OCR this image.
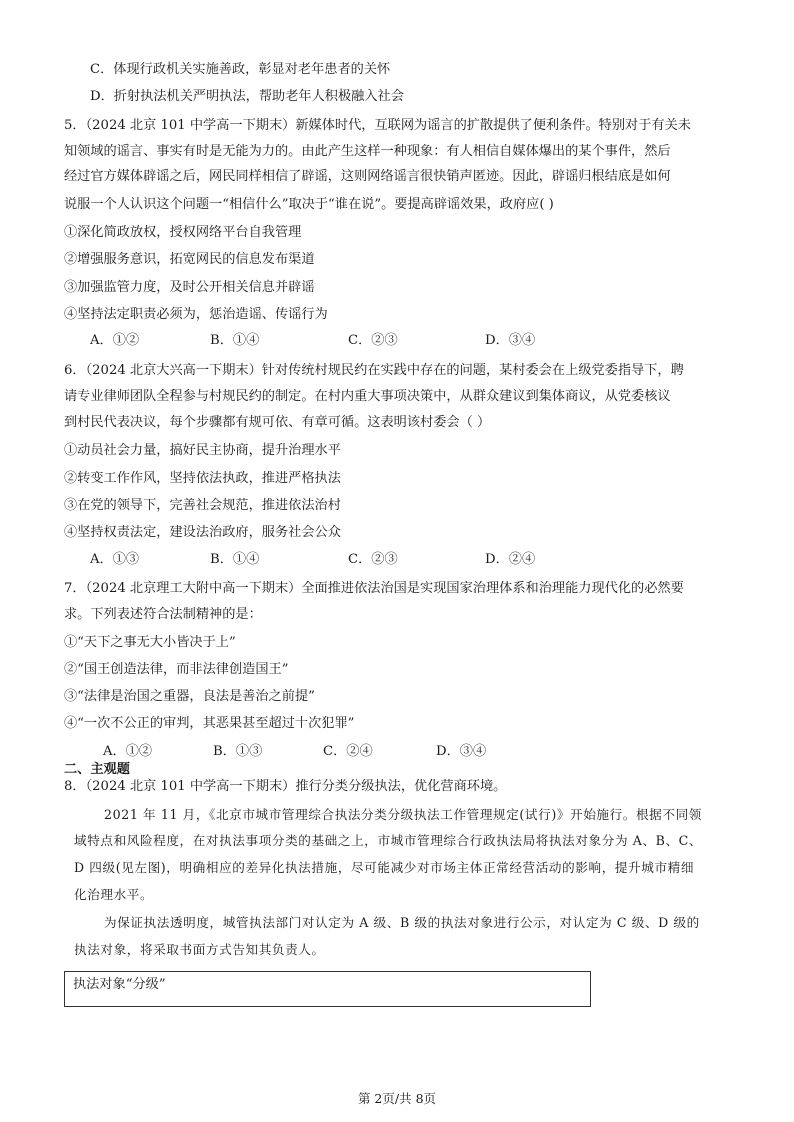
C．体现行政机关实施善政，彰显对老年患者的关怀
D．折射执法机关严明执法，帮助老年人积极融入社会
5．（2024 北京 101 中学高一下期末）新媒体时代，互联网为谣言的扩散提供了便利条件。特别对于有关未
知领域的谣言、事实有时是无能为力的。由此产生这样一种现象：有人相信自媒体爆出的某个事件，然后
经过官方媒体辟谣之后，网民同样相信了辟谣，这则网络谣言很快销声匿迹。因此，辟谣归根结底是如何
说服一个人认识这个问题一“相信什么”取决于“谁在说”。要提高辟谣效果，政府应( )
①深化简政放权，授权网络平台自我管理
②增强服务意识，拓宽网民的信息发布渠道
③加强监管力度，及时公开相关信息并辟谣
④坚持法定职责必须为，惩治造谣、传谣行为
A．①②	B．①④	C．②③	D．③④
6．（2024 北京大兴高一下期末）针对传统村规民约在实践中存在的问题，某村委会在上级党委指导下，聘
请专业律师团队全程参与村规民约的制定。在村内重大事项决策中，从群众建议到集体商议，从党委核议
到村民代表决议，每个步骤都有规可依、有章可循。这表明该村委会（ ）
①动员社会力量，搞好民主协商，提升治理水平
②转变工作作风，坚持依法执政，推进严格执法
③在党的领导下，完善社会规范，推进依法治村
④坚持权责法定，建设法治政府，服务社会公众
A．①③	B．①④	C．②③	D．②④
7．（2024 北京理工大附中高一下期末）全面推进依法治国是实现国家治理体系和治理能力现代化的必然要
求。下列表述符合法制精神的是：
①“天下之事无大小皆决于上”
②“国王创造法律，而非法律创造国王”
③“法律是治国之重器，良法是善治之前提”
④“一次不公正的审判，其恶果甚至超过十次犯罪”
A．①②	B．①③	C．②④	D．③④
二、主观题
8．（2024 北京 101 中学高一下期末）推行分类分级执法，优化营商环境。
2021 年 11 月，《北京市城市管理综合执法分类分级执法工作管理规定(试行)》开始施行。根据不同领
域特点和风险程度，在对执法事项分类的基础之上，市城市管理综合行政执法局将执法对象分为 A、B、C、
D 四级(见左图)，明确相应的差异化执法措施，尽可能减少对市场主体正常经营活动的影响，提升城市精细
化治理水平。
为保证执法透明度，城管执法部门对认定为 A 级、B 级的执法对象进行公示，对认定为 C 级、D 级的
执法对象，将采取书面方式告知其负责人。
执法对象“分级”
第 2页/共 8页
